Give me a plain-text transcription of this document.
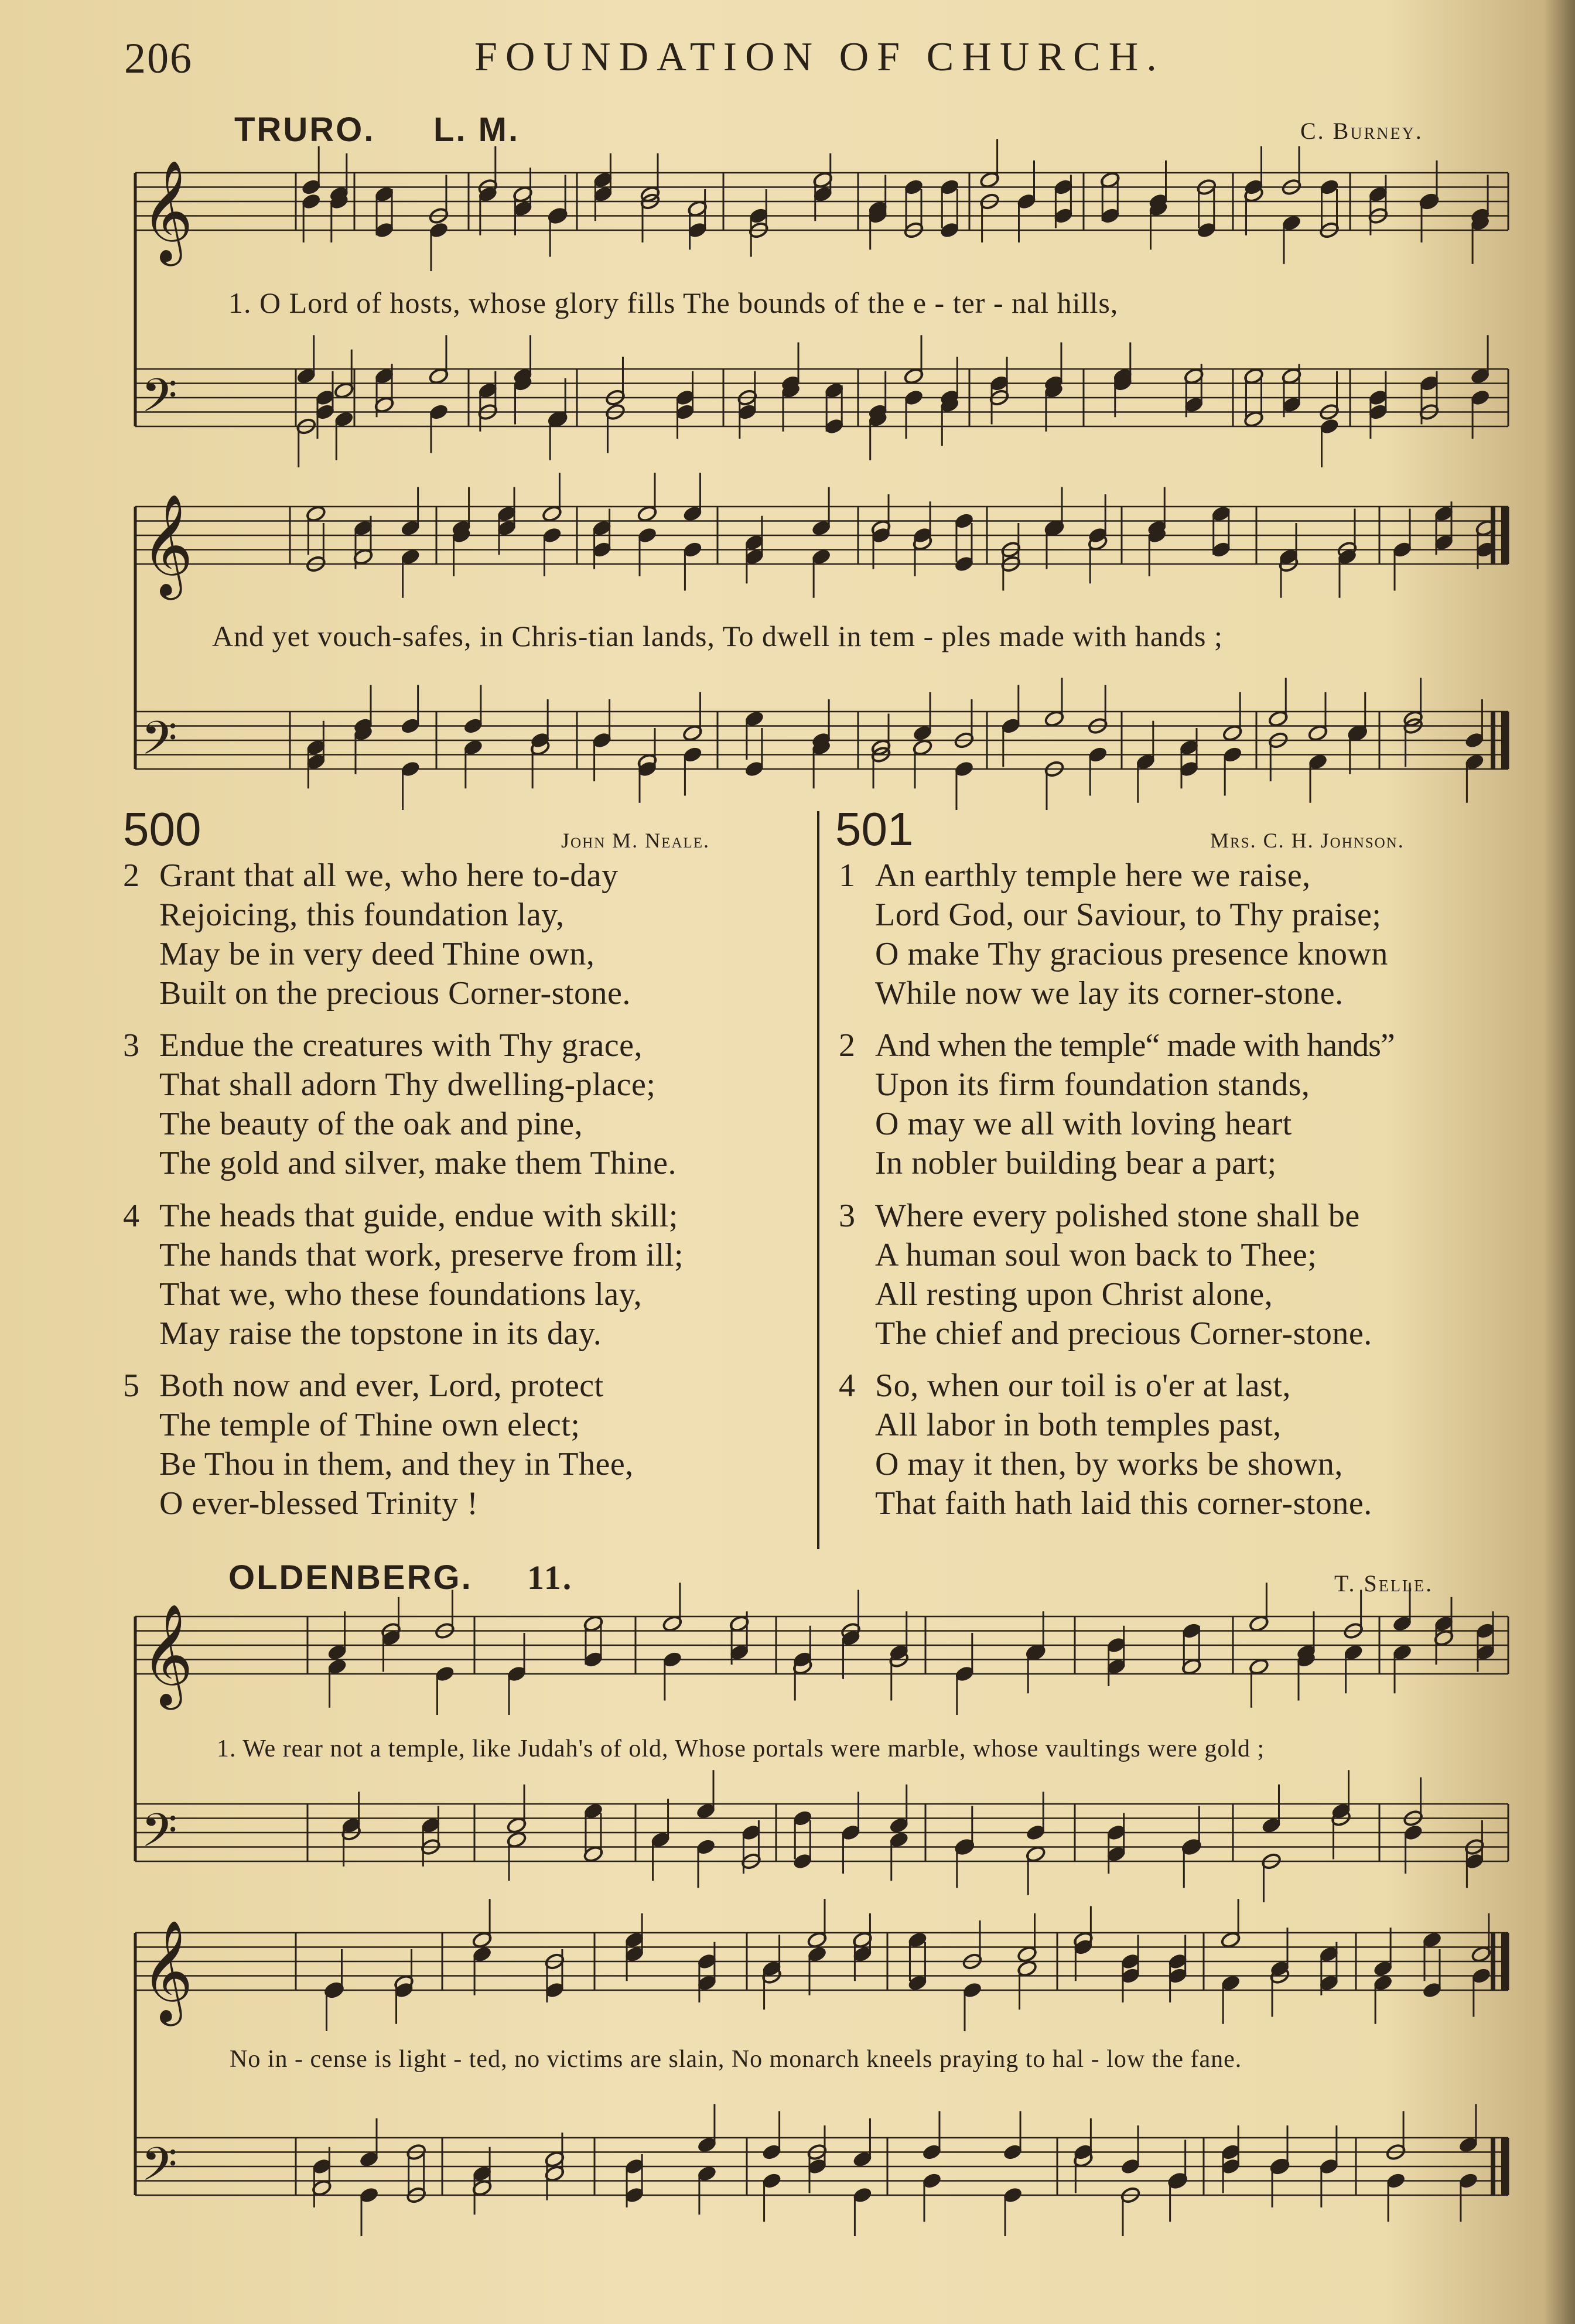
206	FOUNDATION OF CHURCH.
TRURO. L. M.	C. Burney.
𝄞
𝄢
1. O Lord of hosts, whose glory fills The bounds of the e - ter - nal hills,
𝄞
𝄢
And yet vouch-safes, in Chris-tian lands, To dwell in tem - ples made with hands ;
500	John M. Neale.
2 Grant that all we, who here to-day
Rejoicing, this foundation lay,
May be in very deed Thine own,
Built on the precious Corner-stone.
3 Endue the creatures with Thy grace,
That shall adorn Thy dwelling-place;
The beauty of the oak and pine,
The gold and silver, make them Thine.
4 The heads that guide, endue with skill;
The hands that work, preserve from ill;
That we, who these foundations lay,
May raise the topstone in its day.
5 Both now and ever, Lord, protect
The temple of Thine own elect;
Be Thou in them, and they in Thee,
O ever-blessed Trinity !
501	Mrs. C. H. Johnson.
1 An earthly temple here we raise,
Lord God, our Saviour, to Thy praise;
O make Thy gracious presence known
While now we lay its corner-stone.
2 And when the temple“ made with hands”
Upon its firm foundation stands,
O may we all with loving heart
In nobler building bear a part;
3 Where every polished stone shall be
A human soul won back to Thee;
All resting upon Christ alone,
The chief and precious Corner-stone.
4 So, when our toil is o'er at last,
All labor in both temples past,
O may it then, by works be shown,
That faith hath laid this corner-stone.
OLDENBERG. 11.	T. Selle.
𝄞
𝄢
1. We rear not a temple, like Judah's of old, Whose portals were marble, whose vaultings were gold ;
𝄞
𝄢
No in - cense is light - ted, no victims are slain, No monarch kneels praying to hal - low the fane.
